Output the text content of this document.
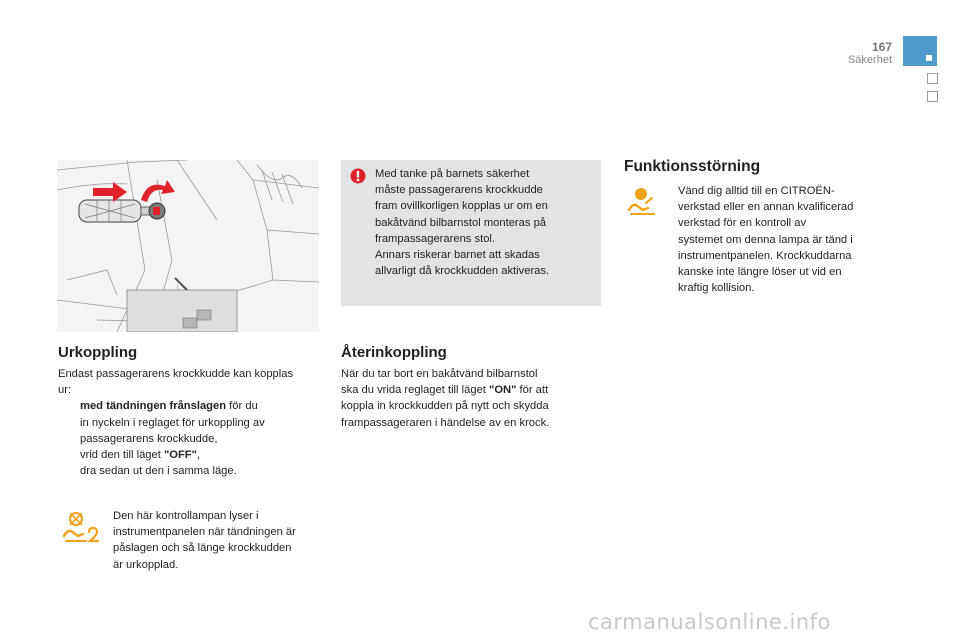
167
Säkerhet
Med tanke på barnets säkerhet
måste passagerarens krockkudde
fram ovillkorligen kopplas ur om en
bakåtvänd bilbarnstol monteras på
frampassagerarens stol.
Annars riskerar barnet att skadas
allvarligt då krockkudden aktiveras.
Funktionsstörning
Vänd dig alltid till en CITROËN-
verkstad eller en annan kvalificerad
verkstad för en kontroll av
systemet om denna lampa är tänd i
instrumentpanelen. Krockkuddarna
kanske inte längre löser ut vid en
kraftig kollision.
Urkoppling
Endast passagerarens krockkudde kan kopplas
ur:
med tändningen frånslagen för du
in nyckeln i reglaget för urkoppling av
passagerarens krockkudde,
vrid den till läget "OFF",
dra sedan ut den i samma läge.
Den här kontrollampan lyser i
instrumentpanelen när tändningen är
påslagen och så länge krockkudden
är urkopplad.
Återinkoppling
När du tar bort en bakåtvänd bilbarnstol
ska du vrida reglaget till läget "ON" för att
koppla in krockkudden på nytt och skydda
frampassageraren i händelse av en krock.
carmanualsonline.info
